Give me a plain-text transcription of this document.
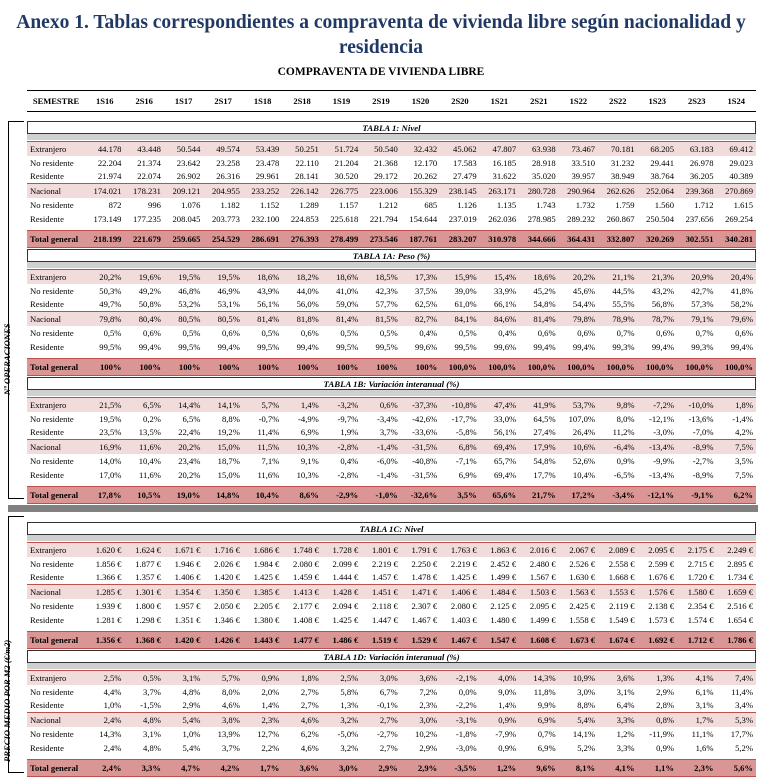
Anexo 1. Tablas correspondientes a compraventa de vivienda libre según nacionalidad y residencia
COMPRAVENTA DE VIVIENDA LIBRE
SEMESTRE	1S16	2S16	1S17	2S17	1S18	2S18	1S19	2S19	1S20	2S20	1S21	2S21	1S22	2S22	1S23	2S23	1S24
Nº OPERACIONES
PRECIO MEDIO POR M2 (€/m2)
TABLA 1: Nivel
Extranjero	44.178	43.448	50.544	49.574	53.439	50.251	51.724	50.540	32.432	45.062	47.807	63.938	73.467	70.181	68.205	63.183	69.412
No residente	22.204	21.374	23.642	23.258	23.478	22.110	21.204	21.368	12.170	17.583	16.185	28.918	33.510	31.232	29.441	26.978	29.023
Residente	21.974	22.074	26.902	26.316	29.961	28.141	30.520	29.172	20.262	27.479	31.622	35.020	39.957	38.949	38.764	36.205	40.389
Nacional	174.021	178.231	209.121	204.955	233.252	226.142	226.775	223.006	155.329	238.145	263.171	280.728	290.964	262.626	252.064	239.368	270.869
No residente	872	996	1.076	1.182	1.152	1.289	1.157	1.212	685	1.126	1.135	1.743	1.732	1.759	1.560	1.712	1.615
Residente	173.149	177.235	208.045	203.773	232.100	224.853	225.618	221.794	154.644	237.019	262.036	278.985	289.232	260.867	250.504	237.656	269.254

Total general	218.199	221.679	259.665	254.529	286.691	276.393	278.499	273.546	187.761	283.207	310.978	344.666	364.431	332.807	320.269	302.551	340.281
TABLA 1A: Peso (%)
Extranjero	20,2%	19,6%	19,5%	19,5%	18,6%	18,2%	18,6%	18,5%	17,3%	15,9%	15,4%	18,6%	20,2%	21,1%	21,3%	20,9%	20,4%
No residente	50,3%	49,2%	46,8%	46,9%	43,9%	44,0%	41,0%	42,3%	37,5%	39,0%	33,9%	45,2%	45,6%	44,5%	43,2%	42,7%	41,8%
Residente	49,7%	50,8%	53,2%	53,1%	56,1%	56,0%	59,0%	57,7%	62,5%	61,0%	66,1%	54,8%	54,4%	55,5%	56,8%	57,3%	58,2%
Nacional	79,8%	80,4%	80,5%	80,5%	81,4%	81,8%	81,4%	81,5%	82,7%	84,1%	84,6%	81,4%	79,8%	78,9%	78,7%	79,1%	79,6%
No residente	0,5%	0,6%	0,5%	0,6%	0,5%	0,6%	0,5%	0,5%	0,4%	0,5%	0,4%	0,6%	0,6%	0,7%	0,6%	0,7%	0,6%
Residente	99,5%	99,4%	99,5%	99,4%	99,5%	99,4%	99,5%	99,5%	99,6%	99,5%	99,6%	99,4%	99,4%	99,3%	99,4%	99,3%	99,4%

Total general	100%	100%	100%	100%	100%	100%	100%	100%	100%	100,0%	100,0%	100,0%	100,0%	100,0%	100,0%	100,0%	100,0%
TABLA 1B: Variación interanual (%)
Extranjero	21,5%	6,5%	14,4%	14,1%	5,7%	1,4%	-3,2%	0,6%	-37,3%	-10,8%	47,4%	41,9%	53,7%	9,8%	-7,2%	-10,0%	1,8%
No residente	19,5%	0,2%	6,5%	8,8%	-0,7%	-4,9%	-9,7%	-3,4%	-42,6%	-17,7%	33,0%	64,5%	107,0%	8,0%	-12,1%	-13,6%	-1,4%
Residente	23,5%	13,5%	22,4%	19,2%	11,4%	6,9%	1,9%	3,7%	-33,6%	-5,8%	56,1%	27,4%	26,4%	11,2%	-3,0%	-7,0%	4,2%
Nacional	16,9%	11,6%	20,2%	15,0%	11,5%	10,3%	-2,8%	-1,4%	-31,5%	6,8%	69,4%	17,9%	10,6%	-6,4%	-13,4%	-8,9%	7,5%
No residente	14,0%	10,4%	23,4%	18,7%	7,1%	9,1%	0,4%	-6,0%	-40,8%	-7,1%	65,7%	54,8%	52,6%	0,9%	-9,9%	-2,7%	3,5%
Residente	17,0%	11,6%	20,2%	15,0%	11,6%	10,3%	-2,8%	-1,4%	-31,5%	6,9%	69,4%	17,7%	10,4%	-6,5%	-13,4%	-8,9%	7,5%

Total general	17,8%	10,5%	19,0%	14,8%	10,4%	8,6%	-2,9%	-1,0%	-32,6%	3,5%	65,6%	21,7%	17,2%	-3,4%	-12,1%	-9,1%	6,2%
TABLA 1C: Nivel
Extranjero	1.620 €	1.624 €	1.671 €	1.716 €	1.686 €	1.748 €	1.728 €	1.801 €	1.791 €	1.763 €	1.863 €	2.016 €	2.067 €	2.089 €	2.095 €	2.175 €	2.249 €
No residente	1.856 €	1.877 €	1.946 €	2.026 €	1.984 €	2.080 €	2.099 €	2.219 €	2.250 €	2.219 €	2.452 €	2.480 €	2.526 €	2.558 €	2.599 €	2.715 €	2.895 €
Residente	1.366 €	1.357 €	1.406 €	1.420 €	1.425 €	1.459 €	1.444 €	1.457 €	1.478 €	1.425 €	1.499 €	1.567 €	1.630 €	1.668 €	1.676 €	1.720 €	1.734 €
Nacional	1.285 €	1.301 €	1.354 €	1.350 €	1.385 €	1.413 €	1.428 €	1.451 €	1.471 €	1.406 €	1.484 €	1.503 €	1.563 €	1.553 €	1.576 €	1.580 €	1.659 €
No residente	1.939 €	1.800 €	1.957 €	2.050 €	2.205 €	2.177 €	2.094 €	2.118 €	2.307 €	2.080 €	2.125 €	2.095 €	2.425 €	2.119 €	2.138 €	2.354 €	2.516 €
Residente	1.281 €	1.298 €	1.351 €	1.346 €	1.380 €	1.408 €	1.425 €	1.447 €	1.467 €	1.403 €	1.480 €	1.499 €	1.558 €	1.549 €	1.573 €	1.574 €	1.654 €

Total general	1.356 €	1.368 €	1.420 €	1.426 €	1.443 €	1.477 €	1.486 €	1.519 €	1.529 €	1.467 €	1.547 €	1.608 €	1.673 €	1.674 €	1.692 €	1.712 €	1.786 €
TABLA 1D: Variación interanual (%)
Extranjero	2,5%	0,5%	3,1%	5,7%	0,9%	1,8%	2,5%	3,0%	3,6%	-2,1%	4,0%	14,3%	10,9%	3,6%	1,3%	4,1%	7,4%
No residente	4,4%	3,7%	4,8%	8,0%	2,0%	2,7%	5,8%	6,7%	7,2%	0,0%	9,0%	11,8%	3,0%	3,1%	2,9%	6,1%	11,4%
Residente	1,0%	-1,5%	2,9%	4,6%	1,4%	2,7%	1,3%	-0,1%	2,3%	-2,2%	1,4%	9,9%	8,8%	6,4%	2,8%	3,1%	3,4%
Nacional	2,4%	4,8%	5,4%	3,8%	2,3%	4,6%	3,2%	2,7%	3,0%	-3,1%	0,9%	6,9%	5,4%	3,3%	0,8%	1,7%	5,3%
No residente	14,3%	3,1%	1,0%	13,9%	12,7%	6,2%	-5,0%	-2,7%	10,2%	-1,8%	-7,9%	0,7%	14,1%	1,2%	-11,9%	11,1%	17,7%
Residente	2,4%	4,8%	5,4%	3,7%	2,2%	4,6%	3,2%	2,7%	2,9%	-3,0%	0,9%	6,9%	5,2%	3,3%	0,9%	1,6%	5,2%

Total general	2,4%	3,3%	4,7%	4,2%	1,7%	3,6%	3,0%	2,9%	2,9%	-3,5%	1,2%	9,6%	8,1%	4,1%	1,1%	2,3%	5,6%
